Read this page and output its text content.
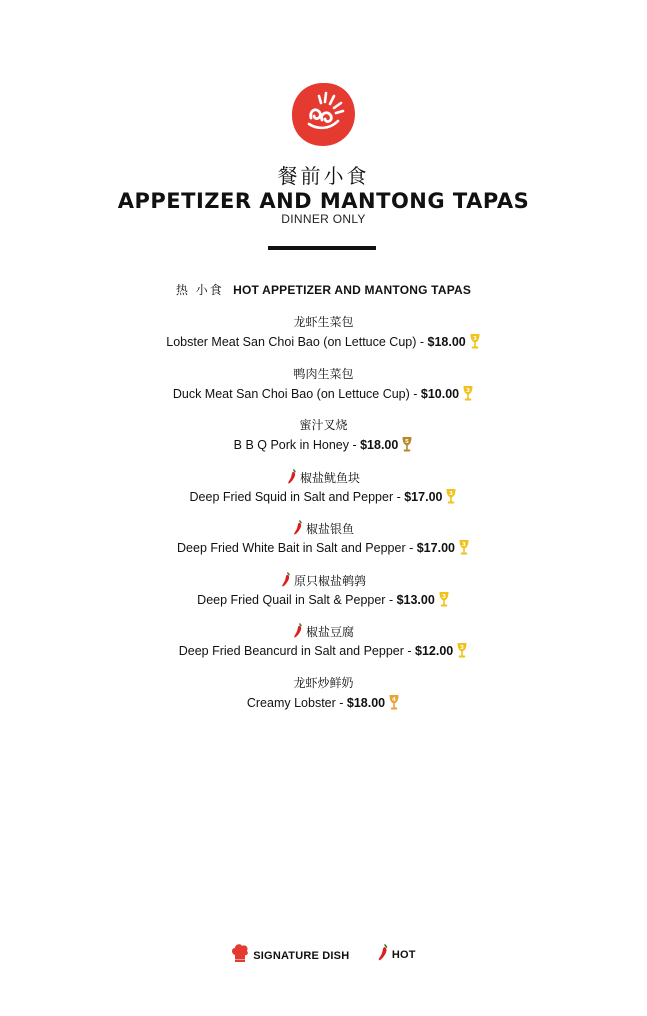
餐前小食
APPETIZER AND MANTONG TAPAS
DINNER ONLY
热 小食 HOT APPETIZER AND MANTONG TAPAS
龙虾生菜包
Lobster Meat San Choi Bao (on Lettuce Cup) - $18.00 3
鸭肉生菜包
Duck Meat San Choi Bao (on Lettuce Cup) - $10.00 3
蜜汁叉烧
B B Q Pork in Honey - $18.00 5
椒盐鱿鱼块
Deep Fried Squid in Salt and Pepper - $17.00 3
椒盐银鱼
Deep Fried White Bait in Salt and Pepper - $17.00 3
原只椒盐鹌鹑
Deep Fried Quail in Salt & Pepper - $13.00 3
椒盐豆腐
Deep Fried Beancurd in Salt and Pepper - $12.00 3
龙虾炒鲜奶
Creamy Lobster - $18.00 4
SIGNATURE DISH	HOT
